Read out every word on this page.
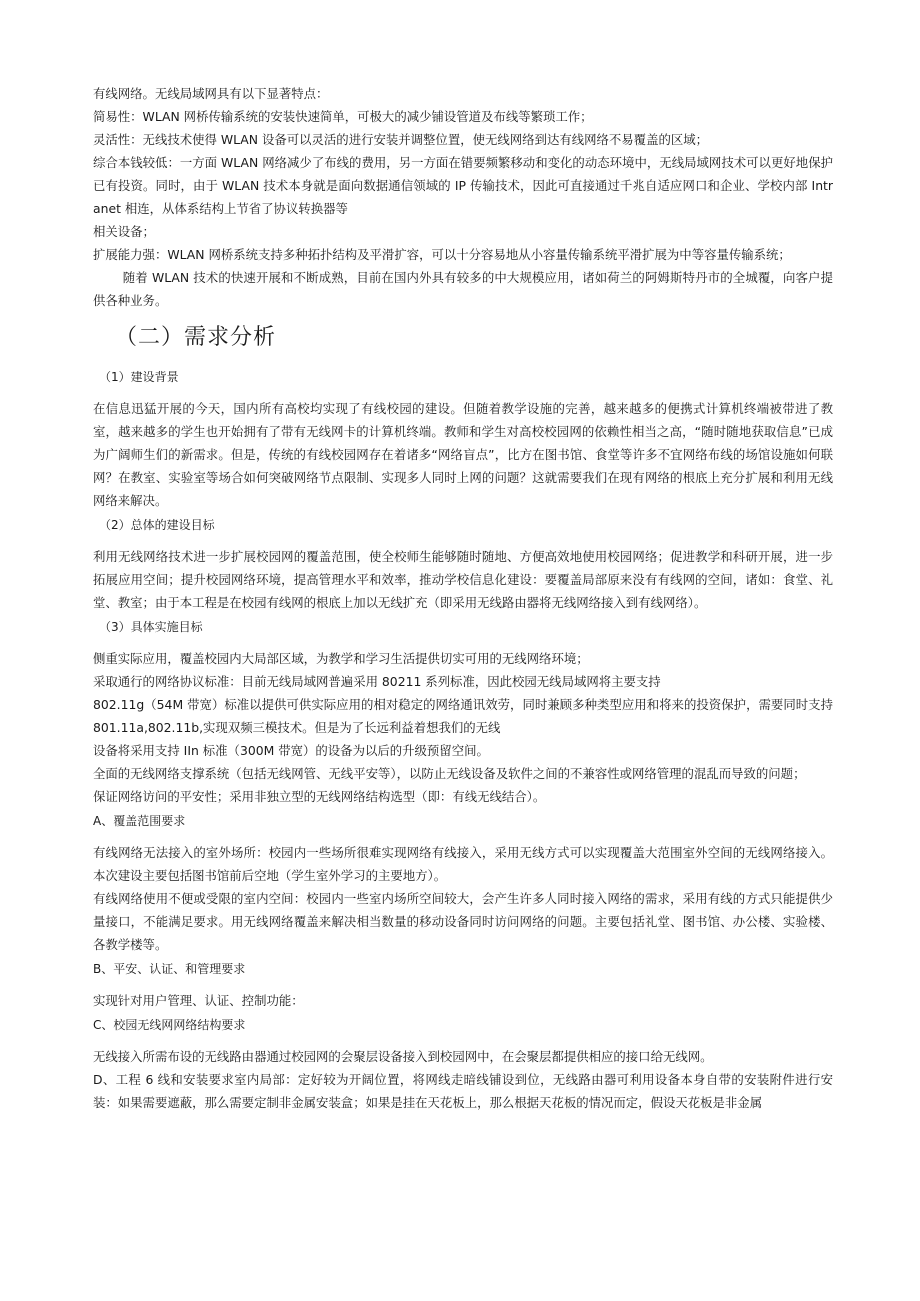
有线网络。无线局域网具有以下显著特点：

简易性：WLAN 网桥传输系统的安装快速简单，可极大的减少铺设管道及布线等繁琐工作；

灵活性：无线技术使得 WLAN 设备可以灵活的进行安装并调整位置，使无线网络到达有线网络不易覆盖的区域；

综合本钱较低：一方面 WLAN 网络减少了布线的费用，另一方面在错要频繁移动和变化的动态环境中，无线局域网技术可以更好地保护已有投资。同时，由于 WLAN 技术本身就是面向数据通信领域的 IP 传输技术，因此可直接通过千兆自适应网口和企业、学校内部 Intranet 相连，从体系结构上节省了协议转换器等

相关设备；

扩展能力强：WLAN 网桥系统支持多种拓扑结构及平滑扩容，可以十分容易地从小容量传输系统平滑扩展为中等容量传输系统；

随着 WLAN 技术的快速开展和不断成熟，目前在国内外具有较多的中大规模应用，诸如荷兰的阿姆斯特丹市的全城覆，向客户提供各种业务。

（二）需求分析

（1）建设背景

在信息迅猛开展的今天，国内所有高校均实现了有线校园的建设。但随着教学设施的完善，越来越多的便携式计算机终端被带进了教室，越来越多的学生也开始拥有了带有无线网卡的计算机终端。教师和学生对高校校园网的依赖性相当之高，“随时随地获取信息”已成为广阔师生们的新需求。但是，传统的有线校园网存在着诸多“网络盲点”，比方在图书馆、食堂等许多不宜网络布线的场馆设施如何联网？在教室、实验室等场合如何突破网络节点限制、实现多人同时上网的问题？这就需要我们在现有网络的根底上充分扩展和利用无线网络来解决。

（2）总体的建设目标

利用无线网络技术进一步扩展校园网的覆盖范围，使全校师生能够随时随地、方便高效地使用校园网络；促进教学和科研开展，进一步拓展应用空间；提升校园网络环境，提高管理水平和效率，推动学校信息化建设：要覆盖局部原来没有有线网的空间，诸如：食堂、礼堂、教室；由于本工程是在校园有线网的根底上加以无线扩充（即采用无线路由器将无线网络接入到有线网络）。

（3）具体实施目标

侧重实际应用，覆盖校园内大局部区域，为教学和学习生活提供切实可用的无线网络环境；

采取通行的网络协议标准：目前无线局域网普遍采用 80211 系列标准，因此校园无线局域网将主要支持

802.11g（54M 带宽）标准以提供可供实际应用的相对稳定的网络通讯效劳，同时兼顾多种类型应用和将来的投资保护，需要同时支持 801.11a,802.11b,实现双频三模技术。但是为了长远利益着想我们的无线

设备将采用支持 IIn 标准（300M 带宽）的设备为以后的升级预留空间。

全面的无线网络支撑系统（包括无线网管、无线平安等），以防止无线设备及软件之间的不兼容性或网络管理的混乱而导致的问题；

保证网络访问的平安性；采用非独立型的无线网络结构选型（即：有线无线结合）。

A、覆盖范围要求

有线网络无法接入的室外场所：校园内一些场所很难实现网络有线接入，采用无线方式可以实现覆盖大范围室外空间的无线网络接入。本次建设主要包括图书馆前后空地（学生室外学习的主要地方）。

有线网络使用不便或受限的室内空间：校园内一些室内场所空间较大，会产生许多人同时接入网络的需求，采用有线的方式只能提供少量接口，不能满足要求。用无线网络覆盖来解决相当数量的移动设备同时访问网络的问题。主要包括礼堂、图书馆、办公楼、实验楼、各教学楼等。

B、平安、认证、和管理要求

实现针对用户管理、认证、控制功能：

C、校园无线网网络结构要求

无线接入所需布设的无线路由器通过校园网的会聚层设备接入到校园网中，在会聚层都提供相应的接口给无线网。

D、工程 6 线和安装要求室内局部：定好较为开阔位置，将网线走暗线铺设到位，无线路由器可利用设备本身自带的安装附件进行安装：如果需要遮蔽，那么需要定制非金属安装盒；如果是挂在天花板上，那么根据天花板的情况而定，假设天花板是非金属
